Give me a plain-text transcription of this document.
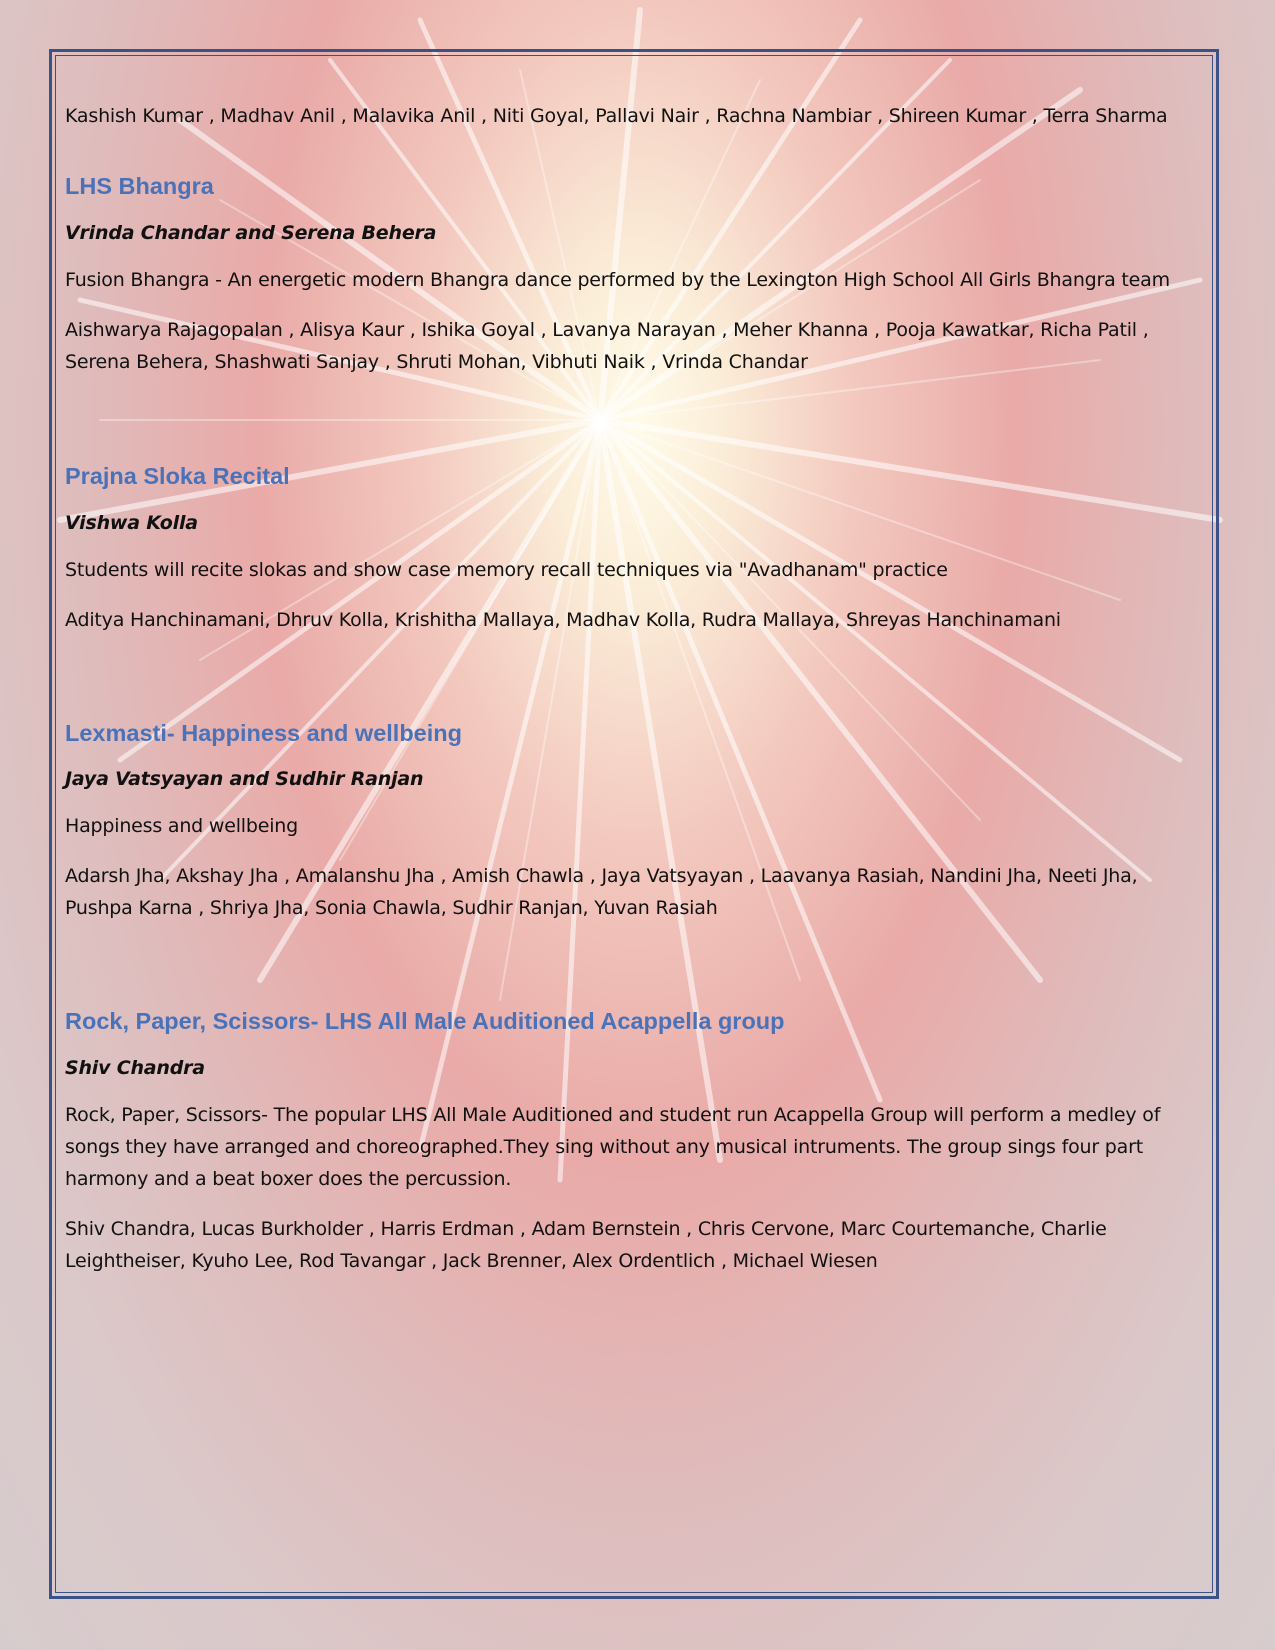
Kashish Kumar , Madhav Anil , Malavika Anil , Niti Goyal, Pallavi Nair , Rachna Nambiar , Shireen Kumar , Terra Sharma

LHS Bhangra

Vrinda Chandar and Serena Behera

Fusion Bhangra - An energetic modern Bhangra dance performed by the Lexington High School All Girls Bhangra team

Aishwarya Rajagopalan , Alisya Kaur , Ishika Goyal , Lavanya Narayan , Meher Khanna , Pooja Kawatkar, Richa Patil ,

Serena Behera, Shashwati Sanjay , Shruti Mohan, Vibhuti Naik , Vrinda Chandar

Prajna Sloka Recital

Vishwa Kolla

Students will recite slokas and show case memory recall techniques via "Avadhanam" practice

Aditya Hanchinamani, Dhruv Kolla, Krishitha Mallaya, Madhav Kolla, Rudra Mallaya, Shreyas Hanchinamani

Lexmasti- Happiness and wellbeing

Jaya Vatsyayan and Sudhir Ranjan

Happiness and wellbeing

Adarsh Jha, Akshay Jha , Amalanshu Jha , Amish Chawla , Jaya Vatsyayan , Laavanya Rasiah, Nandini Jha, Neeti Jha,

Pushpa Karna , Shriya Jha, Sonia Chawla, Sudhir Ranjan, Yuvan Rasiah

Rock, Paper, Scissors- LHS All Male Auditioned Acappella group

Shiv Chandra

Rock, Paper, Scissors- The popular LHS All Male Auditioned and student run Acappella Group will perform a medley of

songs they have arranged and choreographed.They sing without any musical intruments. The group sings four part

harmony and a beat boxer does the percussion.

Shiv Chandra, Lucas Burkholder , Harris Erdman , Adam Bernstein , Chris Cervone, Marc Courtemanche, Charlie

Leightheiser, Kyuho Lee, Rod Tavangar , Jack Brenner, Alex Ordentlich , Michael Wiesen
